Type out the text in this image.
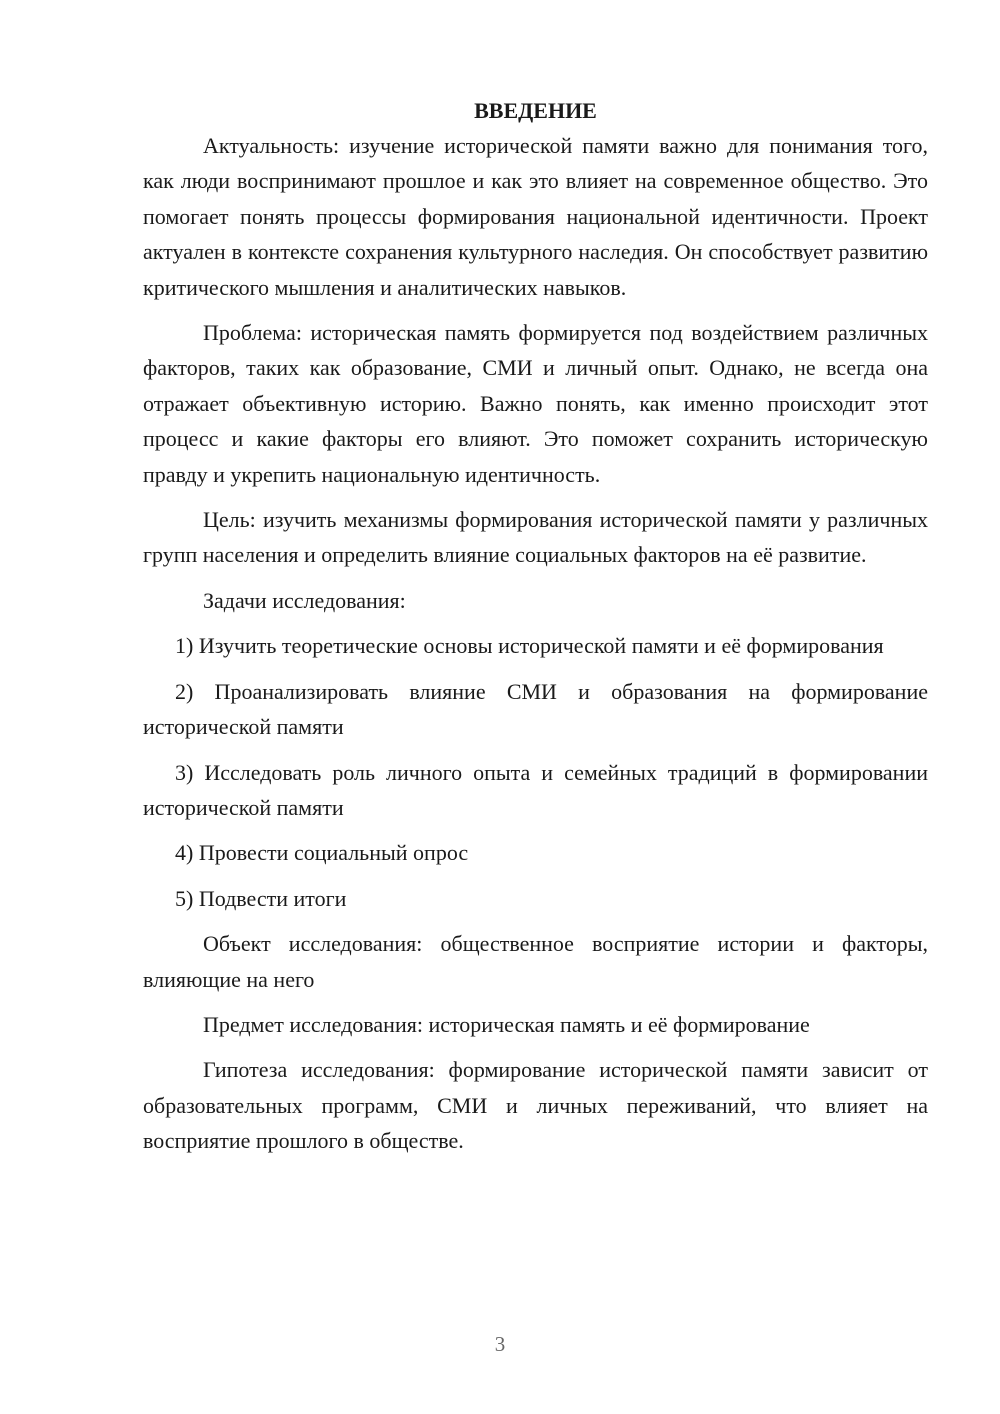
ВВЕДЕНИЕ

Актуальность: изучение исторической памяти важно для понимания того, как люди воспринимают прошлое и как это влияет на современное общество. Это помогает понять процессы формирования национальной идентичности. Проект актуален в контексте сохранения культурного наследия. Он способствует развитию критического мышления и аналитических навыков.

Проблема: историческая память формируется под воздействием различных факторов, таких как образование, СМИ и личный опыт. Однако, не всегда она отражает объективную историю. Важно понять, как именно происходит этот процесс и какие факторы его влияют. Это поможет сохранить историческую правду и укрепить национальную идентичность.

Цель: изучить механизмы формирования исторической памяти у различных групп населения и определить влияние социальных факторов на её развитие.

Задачи исследования:

1) Изучить теоретические основы исторической памяти и её формирования

2) Проанализировать влияние СМИ и образования на формирование исторической памяти

3) Исследовать роль личного опыта и семейных традиций в формировании исторической памяти

4) Провести социальный опрос

5) Подвести итоги

Объект исследования: общественное восприятие истории и факторы, влияющие на него

Предмет исследования: историческая память и её формирование

Гипотеза исследования: формирование исторической памяти зависит от образовательных программ, СМИ и личных переживаний, что влияет на восприятие прошлого в обществе.

3
